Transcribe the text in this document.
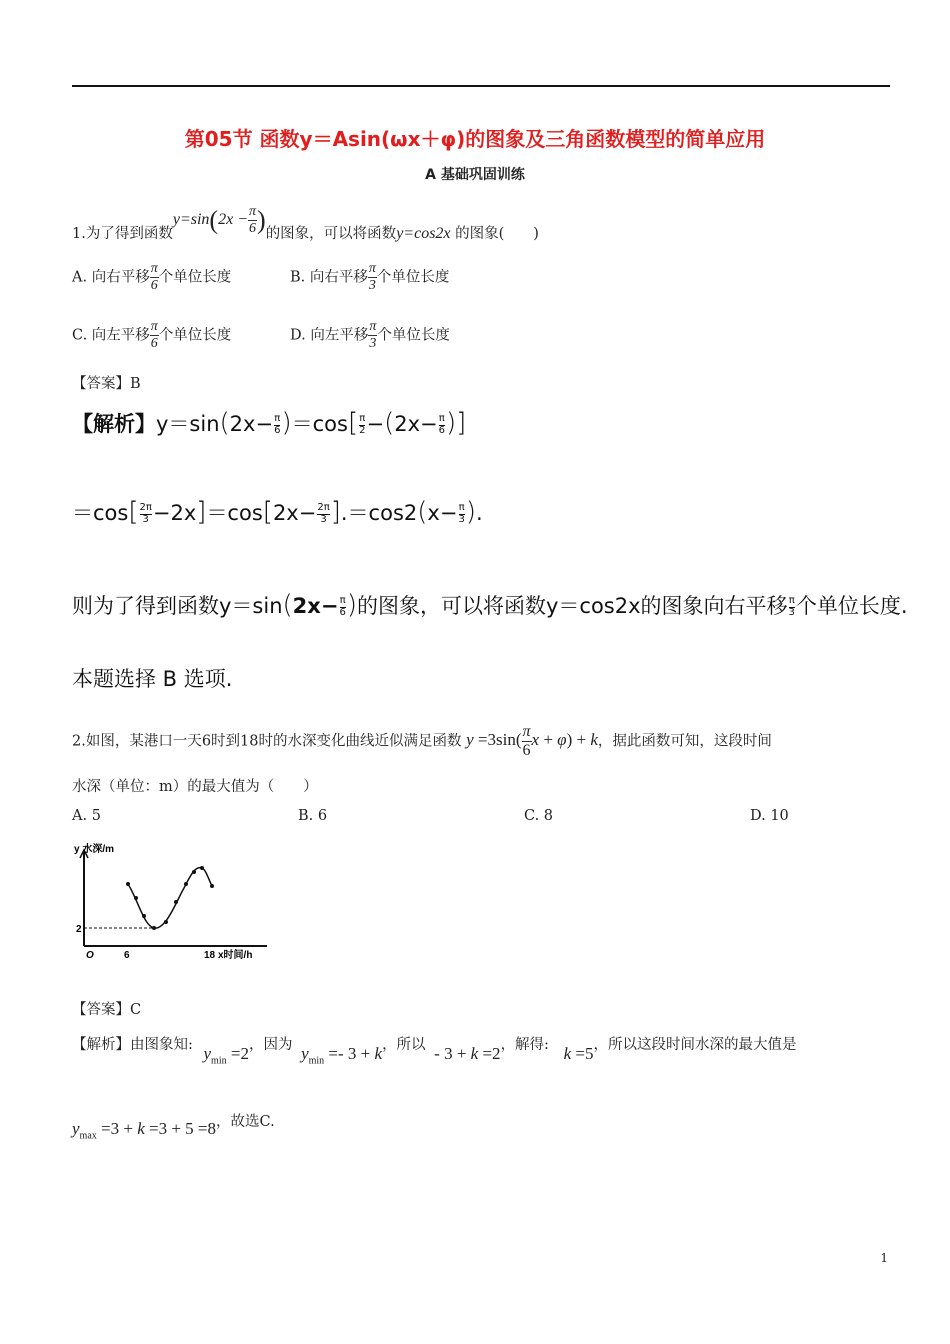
第05节 函数y＝Asin(ωx＋φ)的图象及三角函数模型的简单应用
A 基础巩固训练
1.为了得到函数$y=\sin(2x - \frac{\pi}{6}$ )的图象，可以将函数y=cos2x 的图象(　　)
A. 向右平移 $\frac{\pi}{6}$ 个单位长度	B. 向右平移 $\frac{\pi}{3}$ 个单位长度
C. 向左平移 $\frac{\pi}{6}$ 个单位长度	D. 向左平移 $\frac{\pi}{3}$ 个单位长度
【答案】B
【解析】$y=\sin(2x- \frac{\pi}{6} )=\cos[ \frac{\pi}{2} -(2x- \frac{\pi}{6}$ )]
$=\cos[ \frac{2\pi}{3} -2x]=\cos[2x- \frac{2\pi}{3} ].=\cos 2(x- \frac{\pi}{3}$ ).
则为了得到函数$y=\sin(2x- \frac{\pi}{6}$ )的图象，可以将函数y＝cos2x的图象向右平移 $\frac{\pi}{3}$ 个单位长度.
本题选择 B 选项.
2.如图，某港口一天6时到18时的水深变化曲线近似满足函数 $y =3\sin( \frac{\pi}{6}$ x + φ) + k，据此函数可知，这段时间
水深（单位：m）的最大值为（　　）
A. 5	B. 6	C. 8	D. 10
y 水深/m
2
O	6	18 x时间/h
【答案】C
【解析】由图象知: $y_{min} =2$，因为 $y_{min} =- 3 + k$，所以 - 3 + k =2，解得: k =5，所以这段时间水深的最大值是
$y_{max} =3 + k =3 + 5 =8$，故选C.
1
